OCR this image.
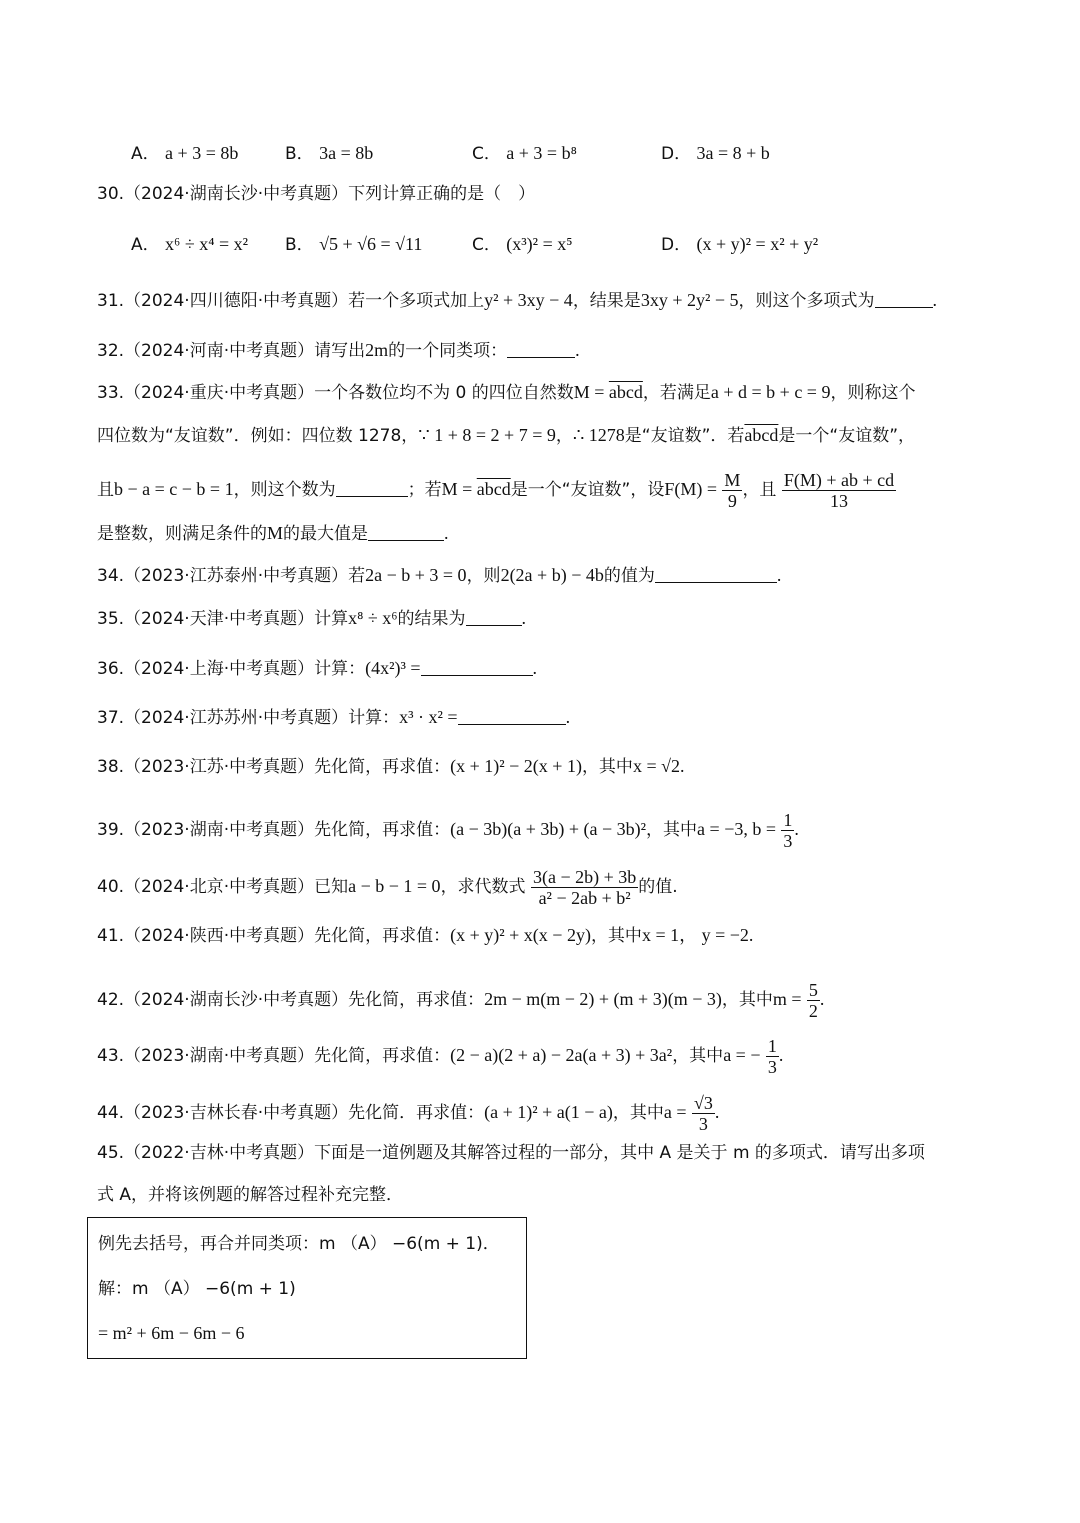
A． a + 3 = 8b	B． 3a = 8b	C． a + 3 = b⁸	D． 3a = 8 + b
30.（2024·湖南长沙·中考真题）下列计算正确的是（　）
A． x⁶ ÷ x⁴ = x² B． √5 + √6 = √11	C． (x³)² = x⁵	D． (x + y)² = x² + y²
31.（2024·四川德阳·中考真题）若一个多项式加上y² + 3xy − 4，结果是3xy + 2y² − 5，则这个多项式为	.
32.（2024·河南·中考真题）请写出2m的一个同类项：	.
33.（2024·重庆·中考真题）一个各数位均不为 0 的四位自然数M = abcd，若满足a + d = b + c = 9，则称这个
四位数为“友谊数”．例如：四位数 1278，∵ 1 + 8 = 2 + 7 = 9，∴ 1278是“友谊数”．若abcd是一个“友谊数”，
且b − a = c − b = 1，则这个数为	；若M = abcd是一个“友谊数”，设$F(M) = \frac{M}{9}$ ，且 $\frac{F(M) + ab + cd}{13}$
是整数，则满足条件的M的最大值是	.
34.（2023·江苏泰州·中考真题）若2a − b + 3 = 0，则2(2a + b) − 4b的值为	.
35.（2024·天津·中考真题）计算x⁸ ÷ x⁶的结果为	.
36.（2024·上海·中考真题）计算：(4x²)³ =	.
37.（2024·江苏苏州·中考真题）计算：x³ · x² =	.
38.（2023·江苏·中考真题）先化简，再求值：(x + 1)² − 2(x + 1)，其中x = √2.
39.（2023·湖南·中考真题）先化简，再求值：(a − 3b)(a + 3b) + (a − 3b)²，其中a = −3, $b = \frac{1}{3}$ .
40.（2024·北京·中考真题）已知a − b − 1 = 0，求代数式 $\frac{3(a - 2b) + 3b}{\text{a² − 2ab + b²}}$ 的值.
41.（2024·陕西·中考真题）先化简，再求值：(x + y)² + x(x − 2y)，其中x = 1， y = −2.
42.（2024·湖南长沙·中考真题）先化简，再求值：2m − m(m − 2) + (m + 3)(m − 3)，其中$m = \frac{5}{2}$ .
43.（2023·湖南·中考真题）先化简，再求值：(2 − a)(2 + a) − 2a(a + 3) + 3a²，其中a = − $\frac{1}{3}$ .
44.（2023·吉林长春·中考真题）先化简．再求值：(a + 1)² + a(1 − a)，其中$a = \frac{√3}{3}$ .
45.（2022·吉林·中考真题）下面是一道例题及其解答过程的一部分，其中 A 是关于 m 的多项式．请写出多项
式 A，并将该例题的解答过程补充完整．
例先去括号，再合并同类项：m （A） −6(m + 1)．
解：m （A） −6(m + 1)
= m² + 6m − 6m − 6
